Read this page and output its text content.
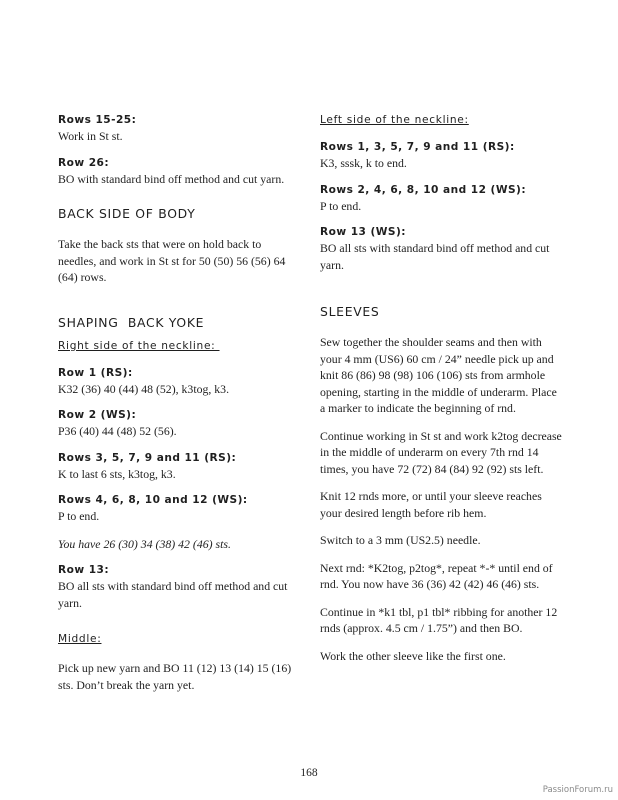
Rows 15-25:

Work in St st.

Row 26:

BO with standard bind off method and cut yarn.

BACK SIDE OF BODY

Take the back sts that were on hold back to needles, and work in St st for 50 (50) 56 (56) 64 (64) rows.

SHAPING  BACK YOKE

Right side of the neckline:

Row 1 (RS):

K32 (36) 40 (44) 48 (52), k3tog, k3.

Row 2 (WS):

P36 (40) 44 (48) 52 (56).

Rows 3, 5, 7, 9 and 11 (RS):

K to last 6 sts, k3tog, k3.

Rows 4, 6, 8, 10 and 12 (WS):

P to end.

You have 26 (30) 34 (38) 42 (46) sts.

Row 13:

BO all sts with standard bind off method and cut yarn.

Middle:

Pick up new yarn and BO 11 (12) 13 (14) 15 (16) sts. Don’t break the yarn yet.

Left side of the neckline:

Rows 1, 3, 5, 7, 9 and 11 (RS):

K3, sssk, k to end.

Rows 2, 4, 6, 8, 10 and 12 (WS):

P to end.

Row 13 (WS):

BO all sts with standard bind off method and cut yarn.

SLEEVES

Sew together the shoulder seams and then with your 4 mm (US6) 60 cm / 24” needle pick up and knit 86 (86) 98 (98) 106 (106) sts from armhole opening, starting in the middle of underarm. Place a marker to indicate the beginning of rnd.

Continue working in St st and work k2tog decrease in the middle of underarm on every 7th rnd 14 times, you have 72 (72) 84 (84) 92 (92) sts left.

Knit 12 rnds more, or until your sleeve reaches your desired length before rib hem.

Switch to a 3 mm (US2.5) needle.

Next rnd: *K2tog, p2tog*, repeat *-* until end of rnd. You now have 36 (36) 42 (42) 46 (46) sts.

Continue in *k1 tbl, p1 tbl* ribbing for another 12 rnds (approx. 4.5 cm / 1.75”) and then BO.

Work the other sleeve like the first one.

168

PassionForum.ru
